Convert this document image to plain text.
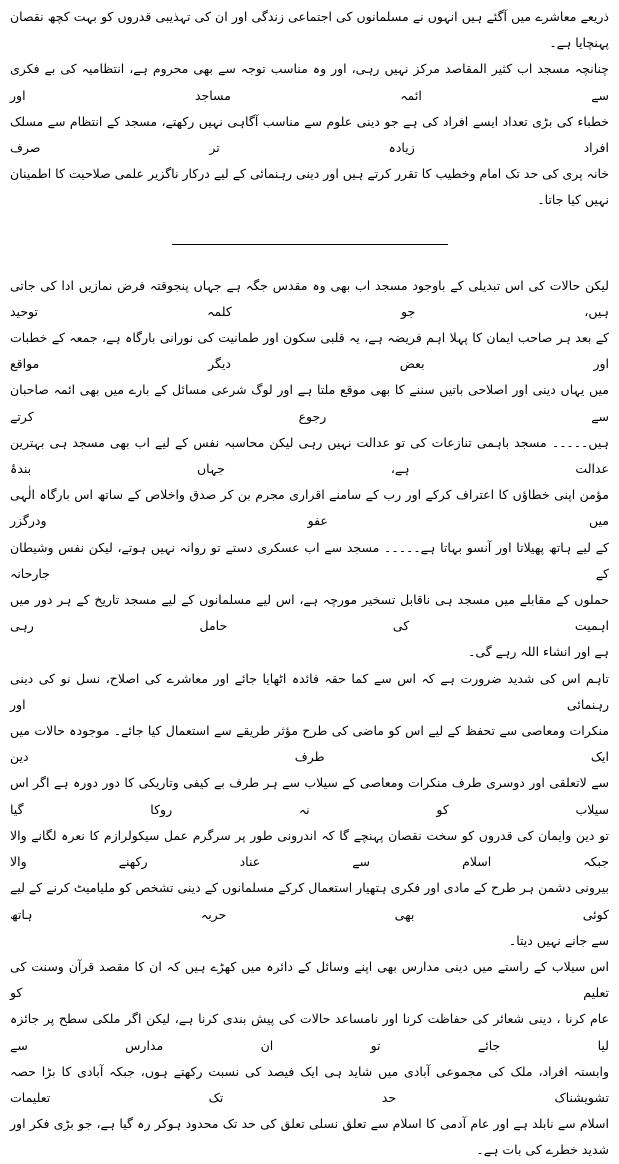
ذریعے معاشرے میں آگئے ہیں انہوں نے مسلمانوں کی اجتماعی زندگی اور ان کی تہذیبی قدروں کو بہت کچھ نقصان پہنچایا ہے۔

چنانچہ مسجد اب کثیر المقاصد مرکز نہیں رہی، اور وہ مناسب توجہ سے بھی محروم ہے، انتظامیہ کی بے فکری سے ائمہ مساجد اور
خطباء کی بڑی تعداد ایسے افراد کی ہے جو دینی علوم سے مناسب آگاہی نہیں رکھتے، مسجد کے انتظام سے مسلک افراد زیادہ تر صرف
خانہ پری کی حد تک امام وخطیب کا تقرر کرتے ہیں اور دینی رہنمائی کے لیے درکار ناگزیر علمی صلاحیت کا اطمینان نہیں کیا جاتا۔

لیکن حالات کی اس تبدیلی کے باوجود مسجد اب بھی وہ مقدس جگہ ہے جہاں پنجوقتہ فرض نمازیں ادا کی جاتی ہیں، جو کلمہ توحید
کے بعد ہر صاحب ایمان کا پہلا اہم فریضہ ہے، یہ قلبی سکون اور طمانیت کی نورانی بارگاہ ہے، جمعہ کے خطبات اور بعض دیگر مواقع
میں یہاں دینی اور اصلاحی باتیں سننے کا بھی موقع ملتا ہے اور لوگ شرعی مسائل کے بارے میں بھی ائمہ صاحبان سے رجوع کرتے
ہیں۔۔۔۔۔ مسجد باہمی تنازعات کی تو عدالت نہیں رہی لیکن محاسبہ نفس کے لیے اب بھی مسجد ہی بہترین عدالت ہے، جہاں بندۂ
مؤمن اپنی خطاؤں کا اعتراف کرکے اور رب کے سامنے اقراری مجرم بن کر صدق واخلاص کے ساتھ اس بارگاہ الٰہی میں عفو ودرگزر
کے لیے ہاتھ پھیلاتا اور آنسو بہاتا ہے۔۔۔۔۔ مسجد سے اب عسکری دستے تو روانہ نہیں ہوتے، لیکن نفس وشیطان کے جارحانہ
حملوں کے مقابلے میں مسجد ہی ناقابل تسخیر مورچہ ہے، اس لیے مسلمانوں کے لیے مسجد تاریخ کے ہر دور میں اہمیت کی حامل رہی
ہے اور انشاء اللہ رہے گی۔

تاہم اس کی شدید ضرورت ہے کہ اس سے کما حقہ فائدہ اٹھایا جائے اور معاشرے کی اصلاح، نسل نو کی دینی رہنمائی اور
منکرات ومعاصی سے تحفظ کے لیے اس کو ماضی کی طرح مؤثر طریقے سے استعمال کیا جائے۔ موجودہ حالات میں ایک طرف دین
سے لاتعلقی اور دوسری طرف منکرات ومعاصی کے سیلاب سے ہر طرف بے کیفی وتاریکی کا دور دورہ ہے اگر اس سیلاب کو نہ روکا گیا
تو دین وایمان کی قدروں کو سخت نقصان پہنچے گا کہ اندرونی طور پر سرگرم عمل سیکولرازم کا نعرہ لگانے والا جبکہ اسلام سے عناد رکھنے والا
بیرونی دشمن ہر طرح کے مادی اور فکری ہتھیار استعمال کرکے مسلمانوں کے دینی تشخص کو ملیامیٹ کرنے کے لیے کوئی بھی حربہ ہاتھ
سے جانے نہیں دیتا۔

اس سیلاب کے راستے میں دینی مدارس بھی اپنے وسائل کے دائرہ میں کھڑے ہیں کہ ان کا مقصد قرآن وسنت کی تعلیم کو
عام کرنا ، دینی شعائر کی حفاظت کرنا اور نامساعد حالات کی پیش بندی کرنا ہے، لیکن اگر ملکی سطح پر جائزہ لیا جائے تو ان مدارس سے
وابستہ افراد، ملک کی مجموعی آبادی میں شاید ہی ایک فیصد کی نسبت رکھتے ہوں، جبکہ آبادی کا بڑا حصہ تشویشناک حد تک تعلیمات
اسلام سے نابلد ہے اور عام آدمی کا اسلام سے تعلق نسلی تعلق کی حد تک محدود ہوکر رہ گیا ہے، جو بڑی فکر اور شدید خطرے کی بات ہے۔
